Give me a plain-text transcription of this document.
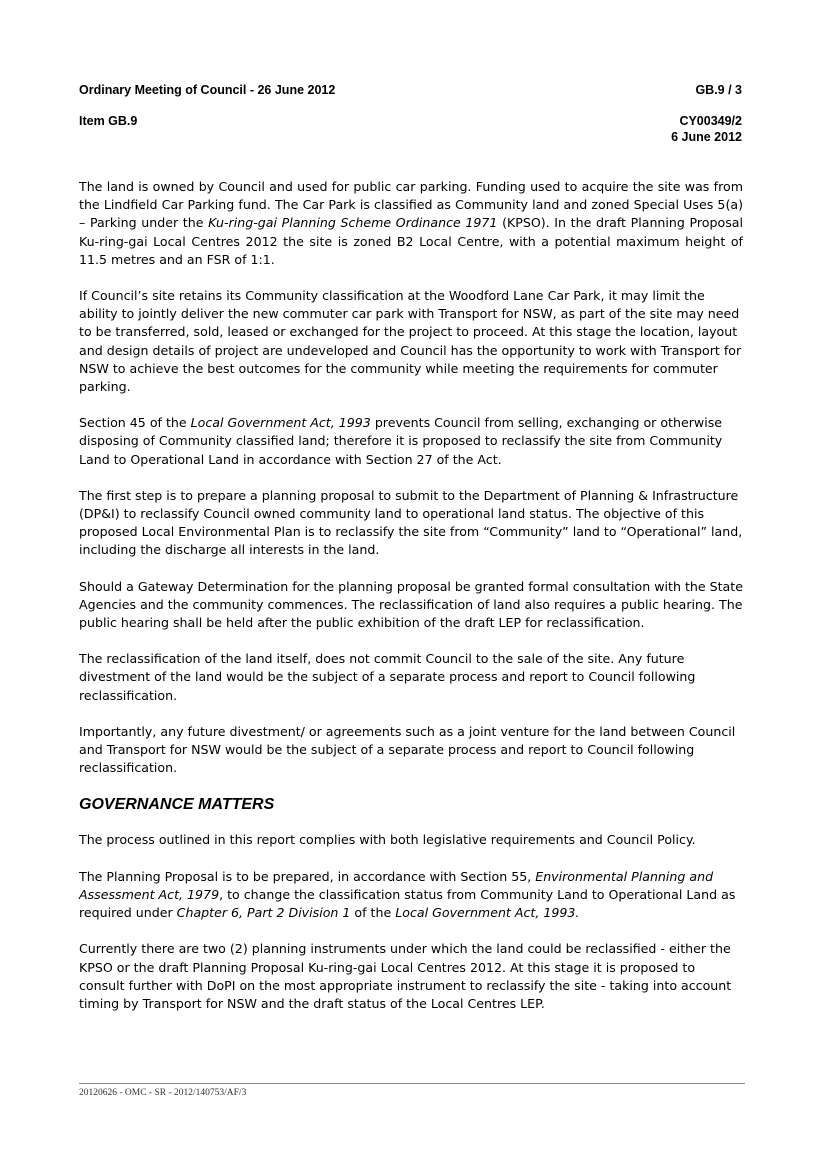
Ordinary Meeting of Council - 26 June 2012	GB.9 / 3
Item GB.9	CY00349/2
6 June 2012

The land is owned by Council and used for public car parking. Funding used to acquire the site was from the Lindfield Car Parking fund. The Car Park is classified as Community land and zoned Special Uses 5(a) – Parking under the Ku-ring-gai Planning Scheme Ordinance 1971 (KPSO). In the draft Planning Proposal Ku-ring-gai Local Centres 2012 the site is zoned B2 Local Centre, with a potential maximum height of 11.5 metres and an FSR of 1:1.

If Council’s site retains its Community classification at the Woodford Lane Car Park, it may limit the
ability to jointly deliver the new commuter car park with Transport for NSW, as part of the site may need to be transferred, sold, leased or exchanged for the project to proceed. At this stage the location, layout and design details of project are undeveloped and Council has the opportunity to work with Transport for NSW to achieve the best outcomes for the community while meeting the requirements for commuter parking.

Section 45 of the Local Government Act, 1993 prevents Council from selling, exchanging or otherwise disposing of Community classified land; therefore it is proposed to reclassify the site from Community Land to Operational Land in accordance with Section 27 of the Act.

The first step is to prepare a planning proposal to submit to the Department of Planning & Infrastructure (DP&I) to reclassify Council owned community land to operational land status. The objective of this proposed Local Environmental Plan is to reclassify the site from “Community” land to “Operational” land, including the discharge all interests in the land.

Should a Gateway Determination for the planning proposal be granted formal consultation with the State Agencies and the community commences. The reclassification of land also requires a public hearing. The public hearing shall be held after the public exhibition of the draft LEP for reclassification.

The reclassification of the land itself, does not commit Council to the sale of the site. Any future divestment of the land would be the subject of a separate process and report to Council following reclassification.

Importantly, any future divestment/ or agreements such as a joint venture for the land between Council and Transport for NSW would be the subject of a separate process and report to Council following reclassification.

GOVERNANCE MATTERS

The process outlined in this report complies with both legislative requirements and Council Policy.

The Planning Proposal is to be prepared, in accordance with Section 55, Environmental Planning and Assessment Act, 1979, to change the classification status from Community Land to Operational Land as required under Chapter 6, Part 2 Division 1 of the Local Government Act, 1993.

Currently there are two (2) planning instruments under which the land could be reclassified - either the KPSO or the draft Planning Proposal Ku-ring-gai Local Centres 2012. At this stage it is proposed to consult further with DoPI on the most appropriate instrument to reclassify the site - taking into account timing by Transport for NSW and the draft status of the Local Centres LEP.

20120626 - OMC - SR - 2012/140753/AF/3
